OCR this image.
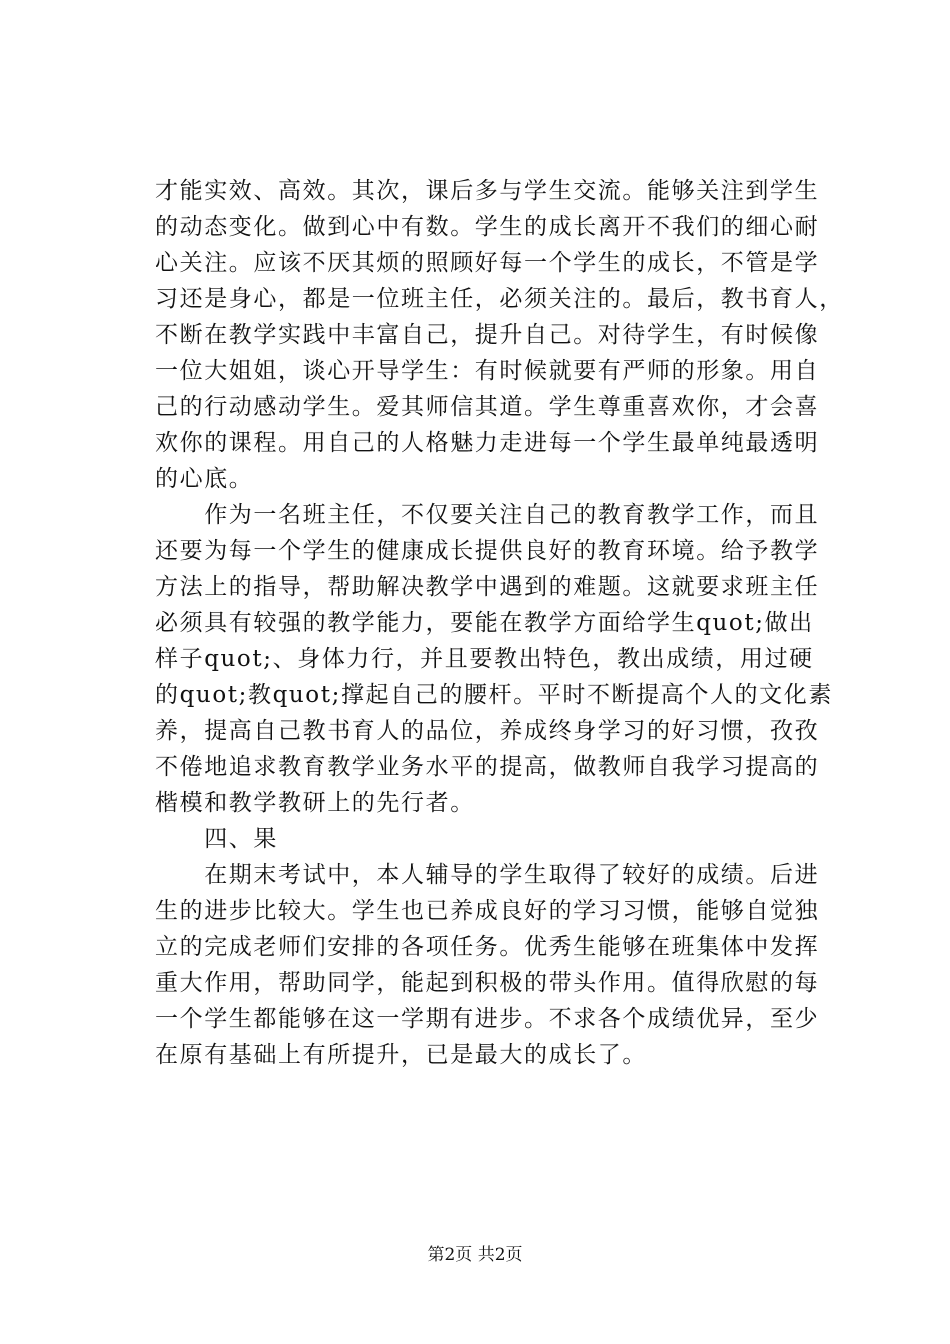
才能实效、高效。其次，课后多与学生交流。能够关注到学生
的动态变化。做到心中有数。学生的成长离开不我们的细心耐
心关注。应该不厌其烦的照顾好每一个学生的成长，不管是学
习还是身心，都是一位班主任，必须关注的。最后，教书育人，
不断在教学实践中丰富自己，提升自己。对待学生，有时候像
一位大姐姐，谈心开导学生：有时候就要有严师的形象。用自
己的行动感动学生。爱其师信其道。学生尊重喜欢你，才会喜
欢你的课程。用自己的人格魅力走进每一个学生最单纯最透明
的心底。
　　作为一名班主任，不仅要关注自己的教育教学工作，而且
还要为每一个学生的健康成长提供良好的教育环境。给予教学
方法上的指导，帮助解决教学中遇到的难题。这就要求班主任
必须具有较强的教学能力，要能在教学方面给学生quot;做出
样子quot;、身体力行，并且要教出特色，教出成绩，用过硬
的quot;教quot;撑起自己的腰杆。平时不断提高个人的文化素
养，提高自己教书育人的品位，养成终身学习的好习惯，孜孜
不倦地追求教育教学业务水平的提高，做教师自我学习提高的
楷模和教学教研上的先行者。
　　四、果
　　在期末考试中，本人辅导的学生取得了较好的成绩。后进
生的进步比较大。学生也已养成良好的学习习惯，能够自觉独
立的完成老师们安排的各项任务。优秀生能够在班集体中发挥
重大作用，帮助同学，能起到积极的带头作用。值得欣慰的每
一个学生都能够在这一学期有进步。不求各个成绩优异，至少
在原有基础上有所提升，已是最大的成长了。
第2页 共2页
